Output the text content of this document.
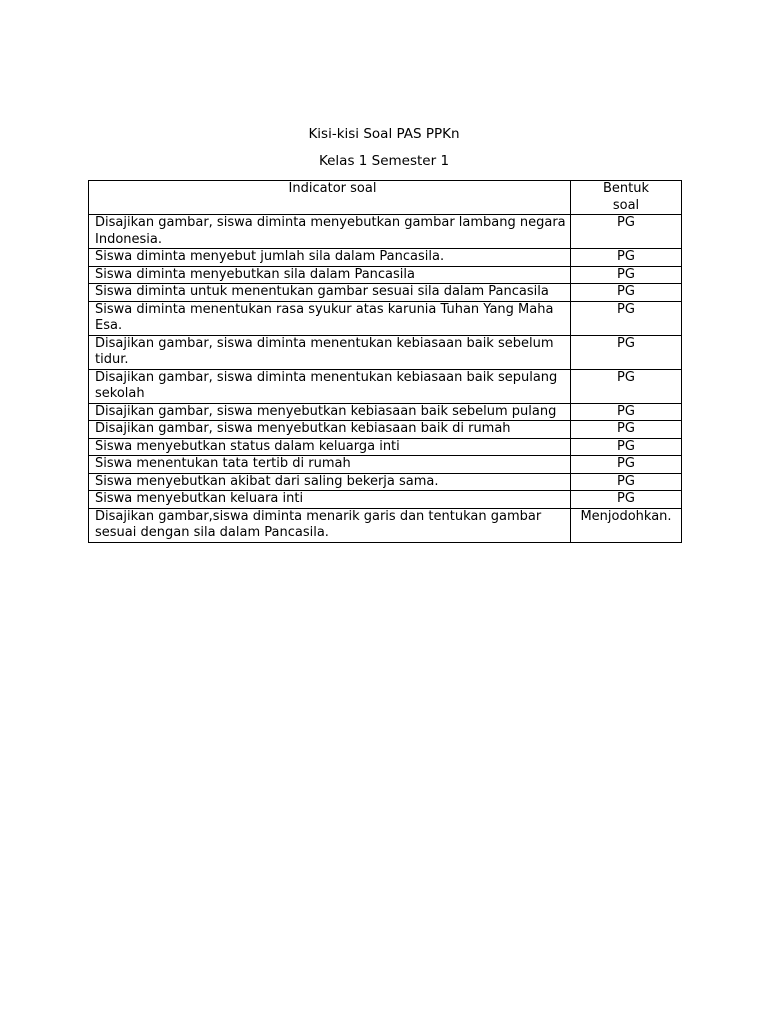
Kisi-kisi Soal PAS PPKn
Kelas 1 Semester 1
Indicator soal	Bentuk soal

Disajikan gambar, siswa diminta menyebutkan gambar lambang negara Indonesia.	PG
Siswa diminta menyebut jumlah sila dalam Pancasila.	PG
Siswa diminta menyebutkan sila dalam Pancasila	PG
Siswa diminta untuk menentukan gambar sesuai sila dalam Pancasila	PG
Siswa diminta menentukan rasa syukur atas karunia Tuhan Yang Maha Esa.	PG
Disajikan gambar, siswa diminta menentukan kebiasaan baik sebelum tidur.	PG
Disajikan gambar, siswa diminta menentukan kebiasaan baik sepulang sekolah	PG
Disajikan gambar, siswa menyebutkan kebiasaan baik sebelum pulang	PG
Disajikan gambar, siswa menyebutkan kebiasaan baik di rumah	PG
Siswa menyebutkan status dalam keluarga inti	PG
Siswa menentukan tata tertib di rumah	PG
Siswa menyebutkan akibat dari saling bekerja sama.	PG
Siswa menyebutkan keluara inti	PG
Disajikan gambar,siswa diminta menarik garis dan tentukan gambar sesuai dengan sila dalam Pancasila.	Menjodohkan.
